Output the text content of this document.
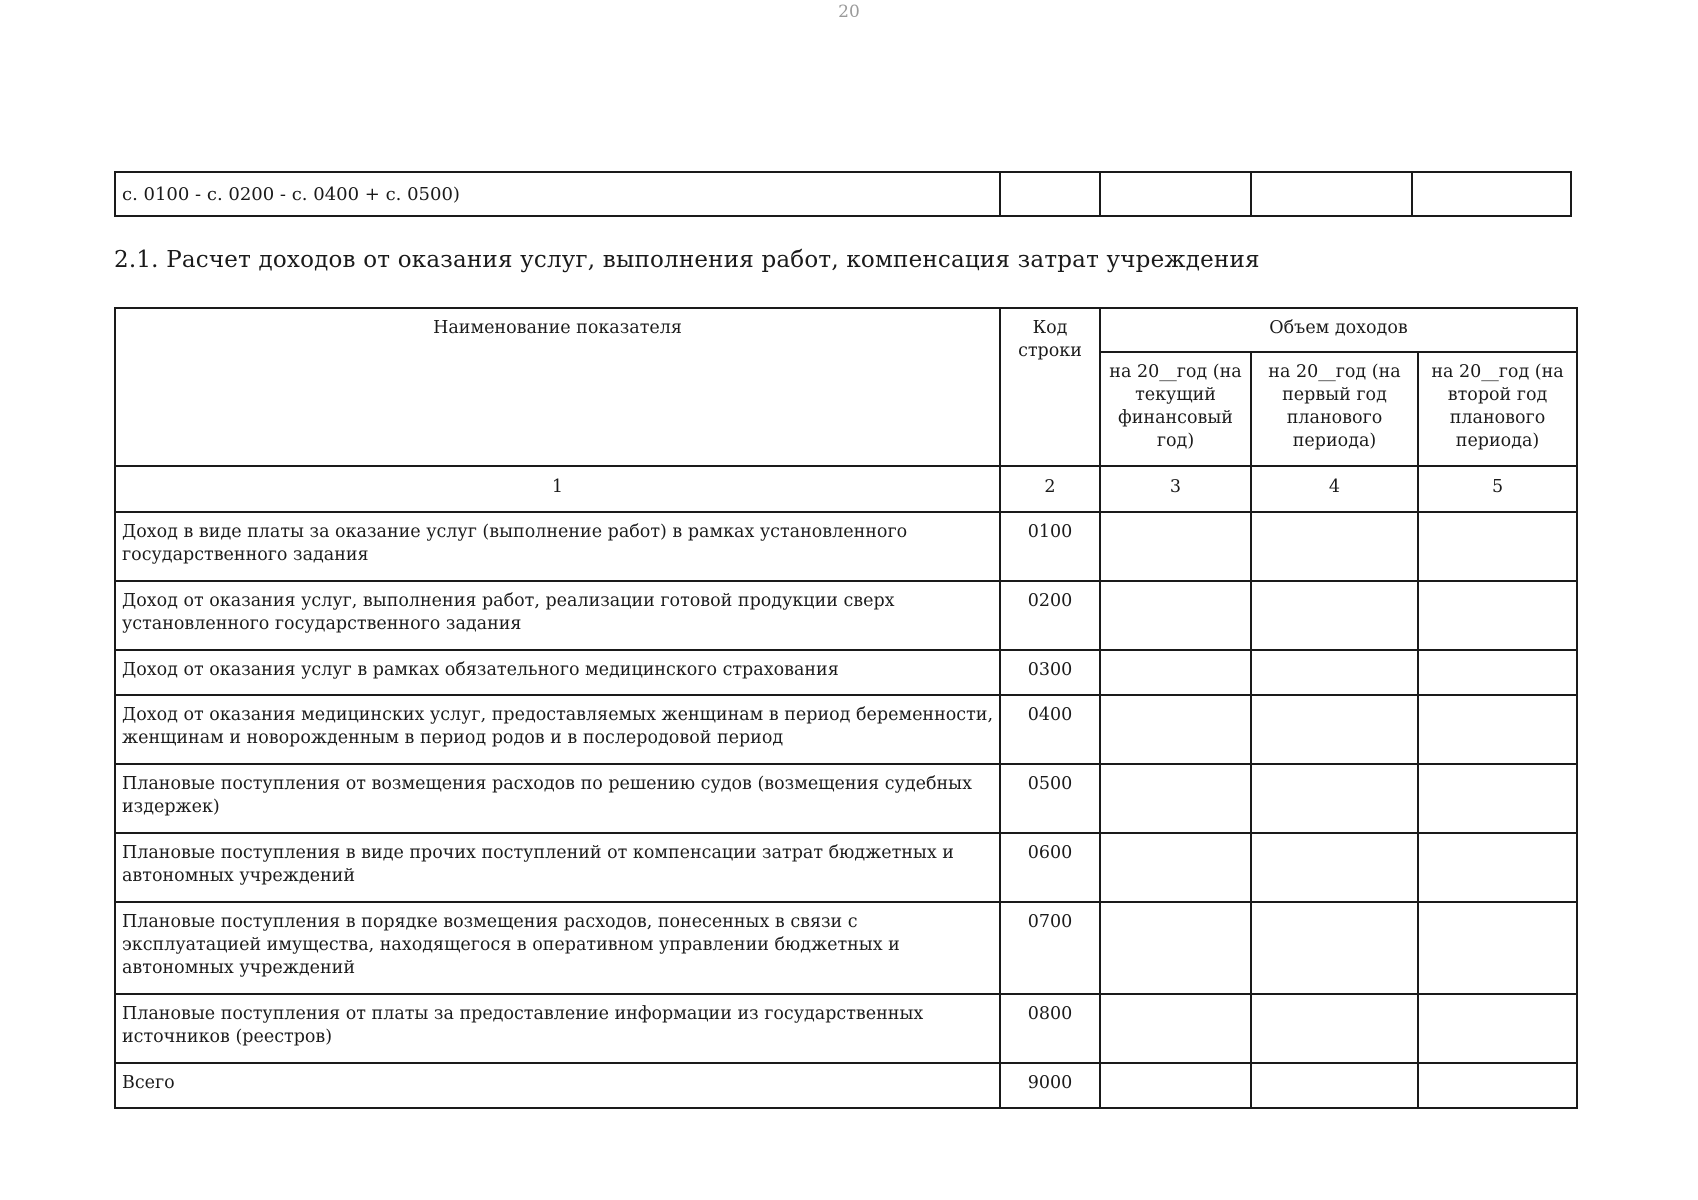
20
с. 0100 - с. 0200 - с. 0400 + с. 0500)				
2.1. Расчет доходов от оказания услуг, выполнения работ, компенсация затрат учреждения
Наименование показателя	Код строки	Объем доходов		
		на 20__год (на текущий финансовый год)	на 20__год (на первый год планового периода)	на 20__год (на второй год планового периода)
1	2	3	4	5
Доход в виде платы за оказание услуг (выполнение работ) в рамках установленного государственного задания	0100			
Доход от оказания услуг, выполнения работ, реализации готовой продукции сверх установленного государственного задания	0200			
Доход от оказания услуг в рамках обязательного медицинского страхования	0300			
Доход от оказания медицинских услуг, предоставляемых женщинам в период беременности, женщинам и новорожденным в период родов и в послеродовой период	0400			
Плановые поступления от возмещения расходов по решению судов (возмещения судебных издержек)	0500			
Плановые поступления в виде прочих поступлений от компенсации затрат бюджетных и автономных учреждений	0600			
Плановые поступления в порядке возмещения расходов, понесенных в связи с эксплуатацией имущества, находящегося в оперативном управлении бюджетных и автономных учреждений	0700			
Плановые поступления от платы за предоставление информации из государственных источников (реестров)	0800			
Всего	9000			
